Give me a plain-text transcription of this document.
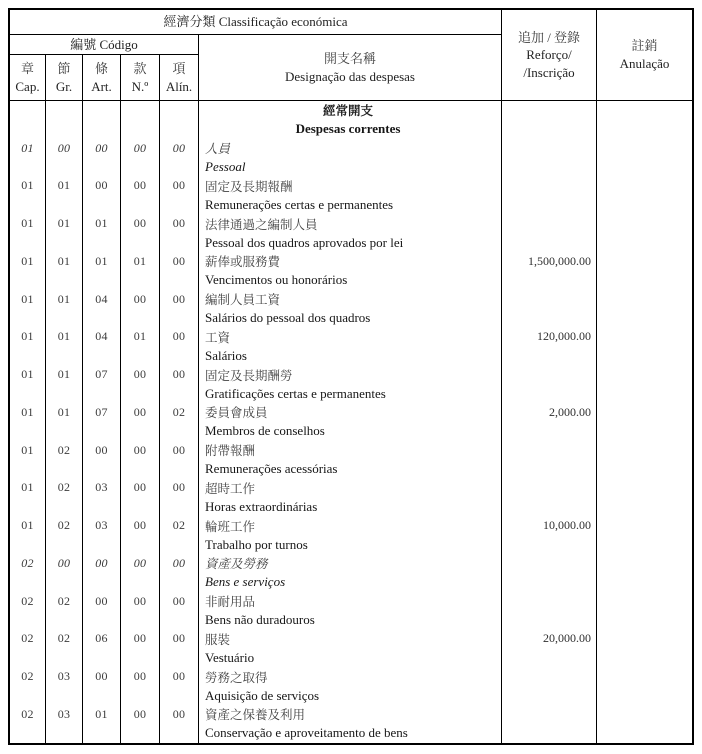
經濟分類 Classificação económica
編號 Código
開支名稱
Designação das despesas
追加 / 登錄
Reforço/
/Inscrição
註銷
Anulação
章
Cap.
節
Gr.
條
Art.
款
N.º
項
Alín.
01
01
01
01
01
01
01
01
01
01
01
02
02
02
02
02
00
01
01
01
01
01
01
01
02
02
02
00
02
02
03
03
00
00
01
01
04
04
07
07
00
03
03
00
00
06
00
01
00
00
00
01
00
01
00
00
00
00
00
00
00
00
00
00
00
00
00
00
00
00
00
02
00
00
02
00
00
00
00
00
經常開支
Despesas correntes
人員
Pessoal
固定及長期報酬
Remunerações certas e permanentes
法律通過之編制人員
Pessoal dos quadros aprovados por lei
薪俸或服務費
Vencimentos ou honorários
編制人員工資
Salários do pessoal dos quadros
工資
Salários
固定及長期酬勞
Gratificações certas e permanentes
委員會成員
Membros de conselhos
附帶報酬
Remunerações acessórias
超時工作
Horas extraordinárias
輪班工作
Trabalho por turnos
資產及勞務
Bens e serviços
非耐用品
Bens não duradouros
服裝
Vestuário
勞務之取得
Aquisição de serviços
資產之保養及利用
Conservação e aproveitamento de bens
1,500,000.00
120,000.00
2,000.00
10,000.00
20,000.00
